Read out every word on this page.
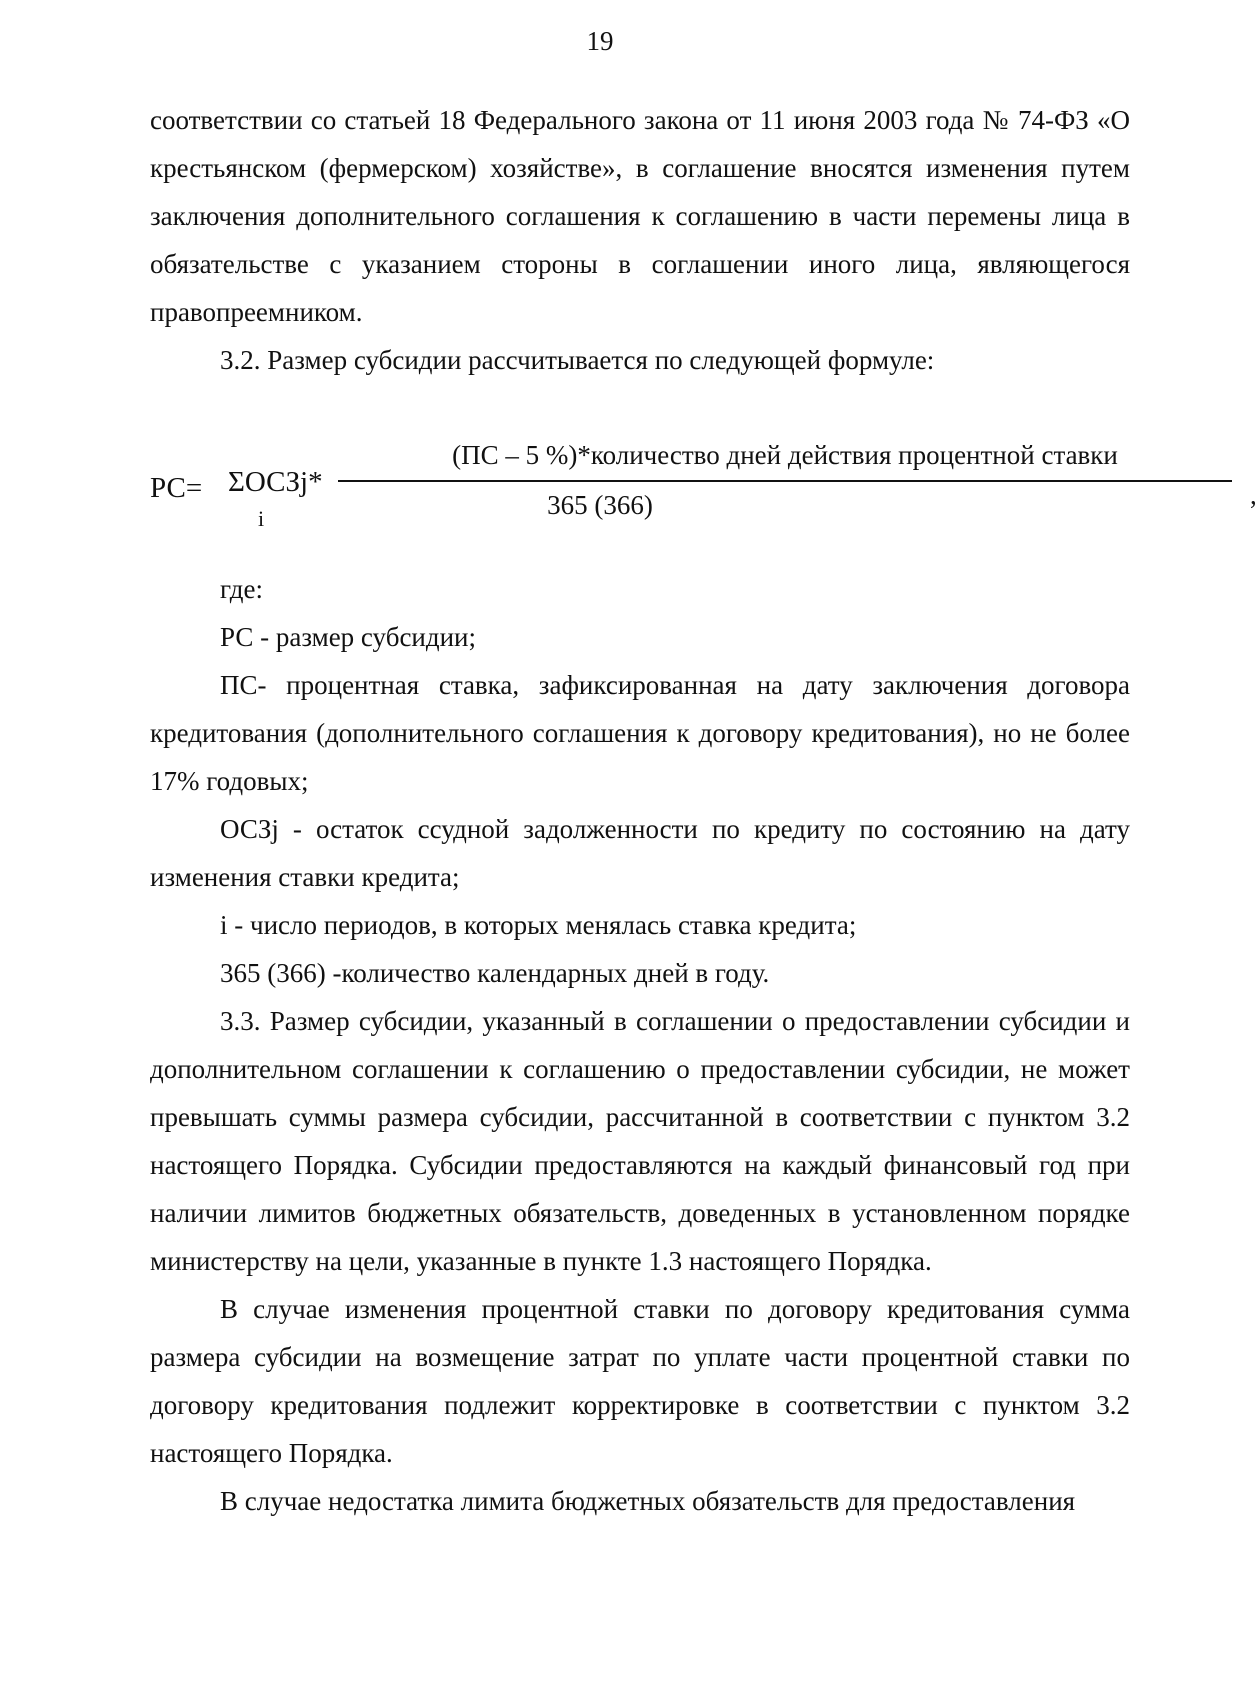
19

соответствии со статьей 18 Федерального закона от 11 июня 2003 года № 74-ФЗ «О крестьянском (фермерском) хозяйстве», в соглашение вносятся изменения путем заключения дополнительного соглашения к соглашению в части перемены лица в обязательстве с указанием стороны в соглашении иного лица, являющегося правопреемником.

3.2. Размер субсидии рассчитывается по следующей формуле:

РС= ΣОСЗj*
i
(ПС – 5 %)*количество дней действия процентной ставки
365 (366)	,

где:

РС - размер субсидии;

ПС- процентная ставка, зафиксированная на дату заключения договора кредитования (дополнительного соглашения к договору кредитования), но не более 17% годовых;

ОСЗj - остаток ссудной задолженности по кредиту по состоянию на дату изменения ставки кредита;

i - число периодов, в которых менялась ставка кредита;

365 (366) -количество календарных дней в году.

3.3. Размер субсидии, указанный в соглашении о предоставлении субсидии и дополнительном соглашении к соглашению о предоставлении субсидии, не может превышать суммы размера субсидии, рассчитанной в соответствии с пунктом 3.2 настоящего Порядка. Субсидии предоставляются на каждый финансовый год при наличии лимитов бюджетных обязательств, доведенных в установленном порядке министерству на цели, указанные в пункте 1.3 настоящего Порядка.

В случае изменения процентной ставки по договору кредитования сумма размера субсидии на возмещение затрат по уплате части процентной ставки по договору кредитования подлежит корректировке в соответствии с пунктом 3.2 настоящего Порядка.

В случае недостатка лимита бюджетных обязательств для предоставления
